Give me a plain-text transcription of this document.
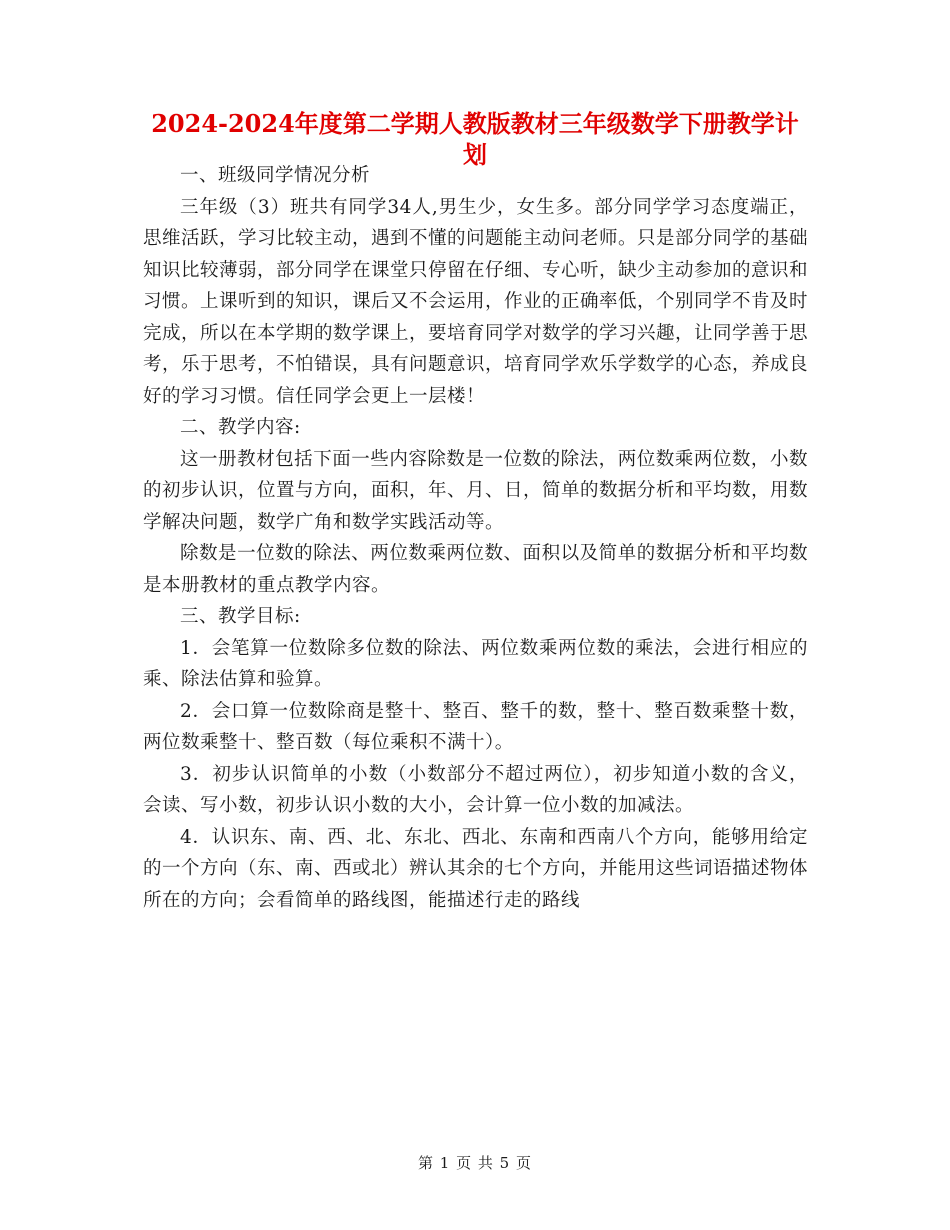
2024-2024年度第二学期人教版教材三年级数学下册教学计划

一、班级同学情况分析

三年级（3）班共有同学34人,男生少，女生多。部分同学学习态度端正，思维活跃，学习比较主动，遇到不懂的问题能主动问老师。只是部分同学的基础知识比较薄弱，部分同学在课堂只停留在仔细、专心听，缺少主动参加的意识和习惯。上课听到的知识，课后又不会运用，作业的正确率低，个别同学不肯及时完成，所以在本学期的数学课上，要培育同学对数学的学习兴趣，让同学善于思考，乐于思考，不怕错误，具有问题意识，培育同学欢乐学数学的心态，养成良好的学习习惯。信任同学会更上一层楼！

二、教学内容:

这一册教材包括下面一些内容除数是一位数的除法，两位数乘两位数，小数的初步认识，位置与方向，面积，年、月、日，简单的数据分析和平均数，用数学解决问题，数学广角和数学实践活动等。

除数是一位数的除法、两位数乘两位数、面积以及简单的数据分析和平均数是本册教材的重点教学内容。

三、教学目标:

1．会笔算一位数除多位数的除法、两位数乘两位数的乘法，会进行相应的乘、除法估算和验算。

2．会口算一位数除商是整十、整百、整千的数，整十、整百数乘整十数，两位数乘整十、整百数（每位乘积不满十）。

3．初步认识简单的小数（小数部分不超过两位），初步知道小数的含义，会读、写小数，初步认识小数的大小，会计算一位小数的加减法。

4．认识东、南、西、北、东北、西北、东南和西南八个方向，能够用给定的一个方向（东、南、西或北）辨认其余的七个方向，并能用这些词语描述物体所在的方向；会看简单的路线图，能描述行走的路线

第 1 页 共 5 页
